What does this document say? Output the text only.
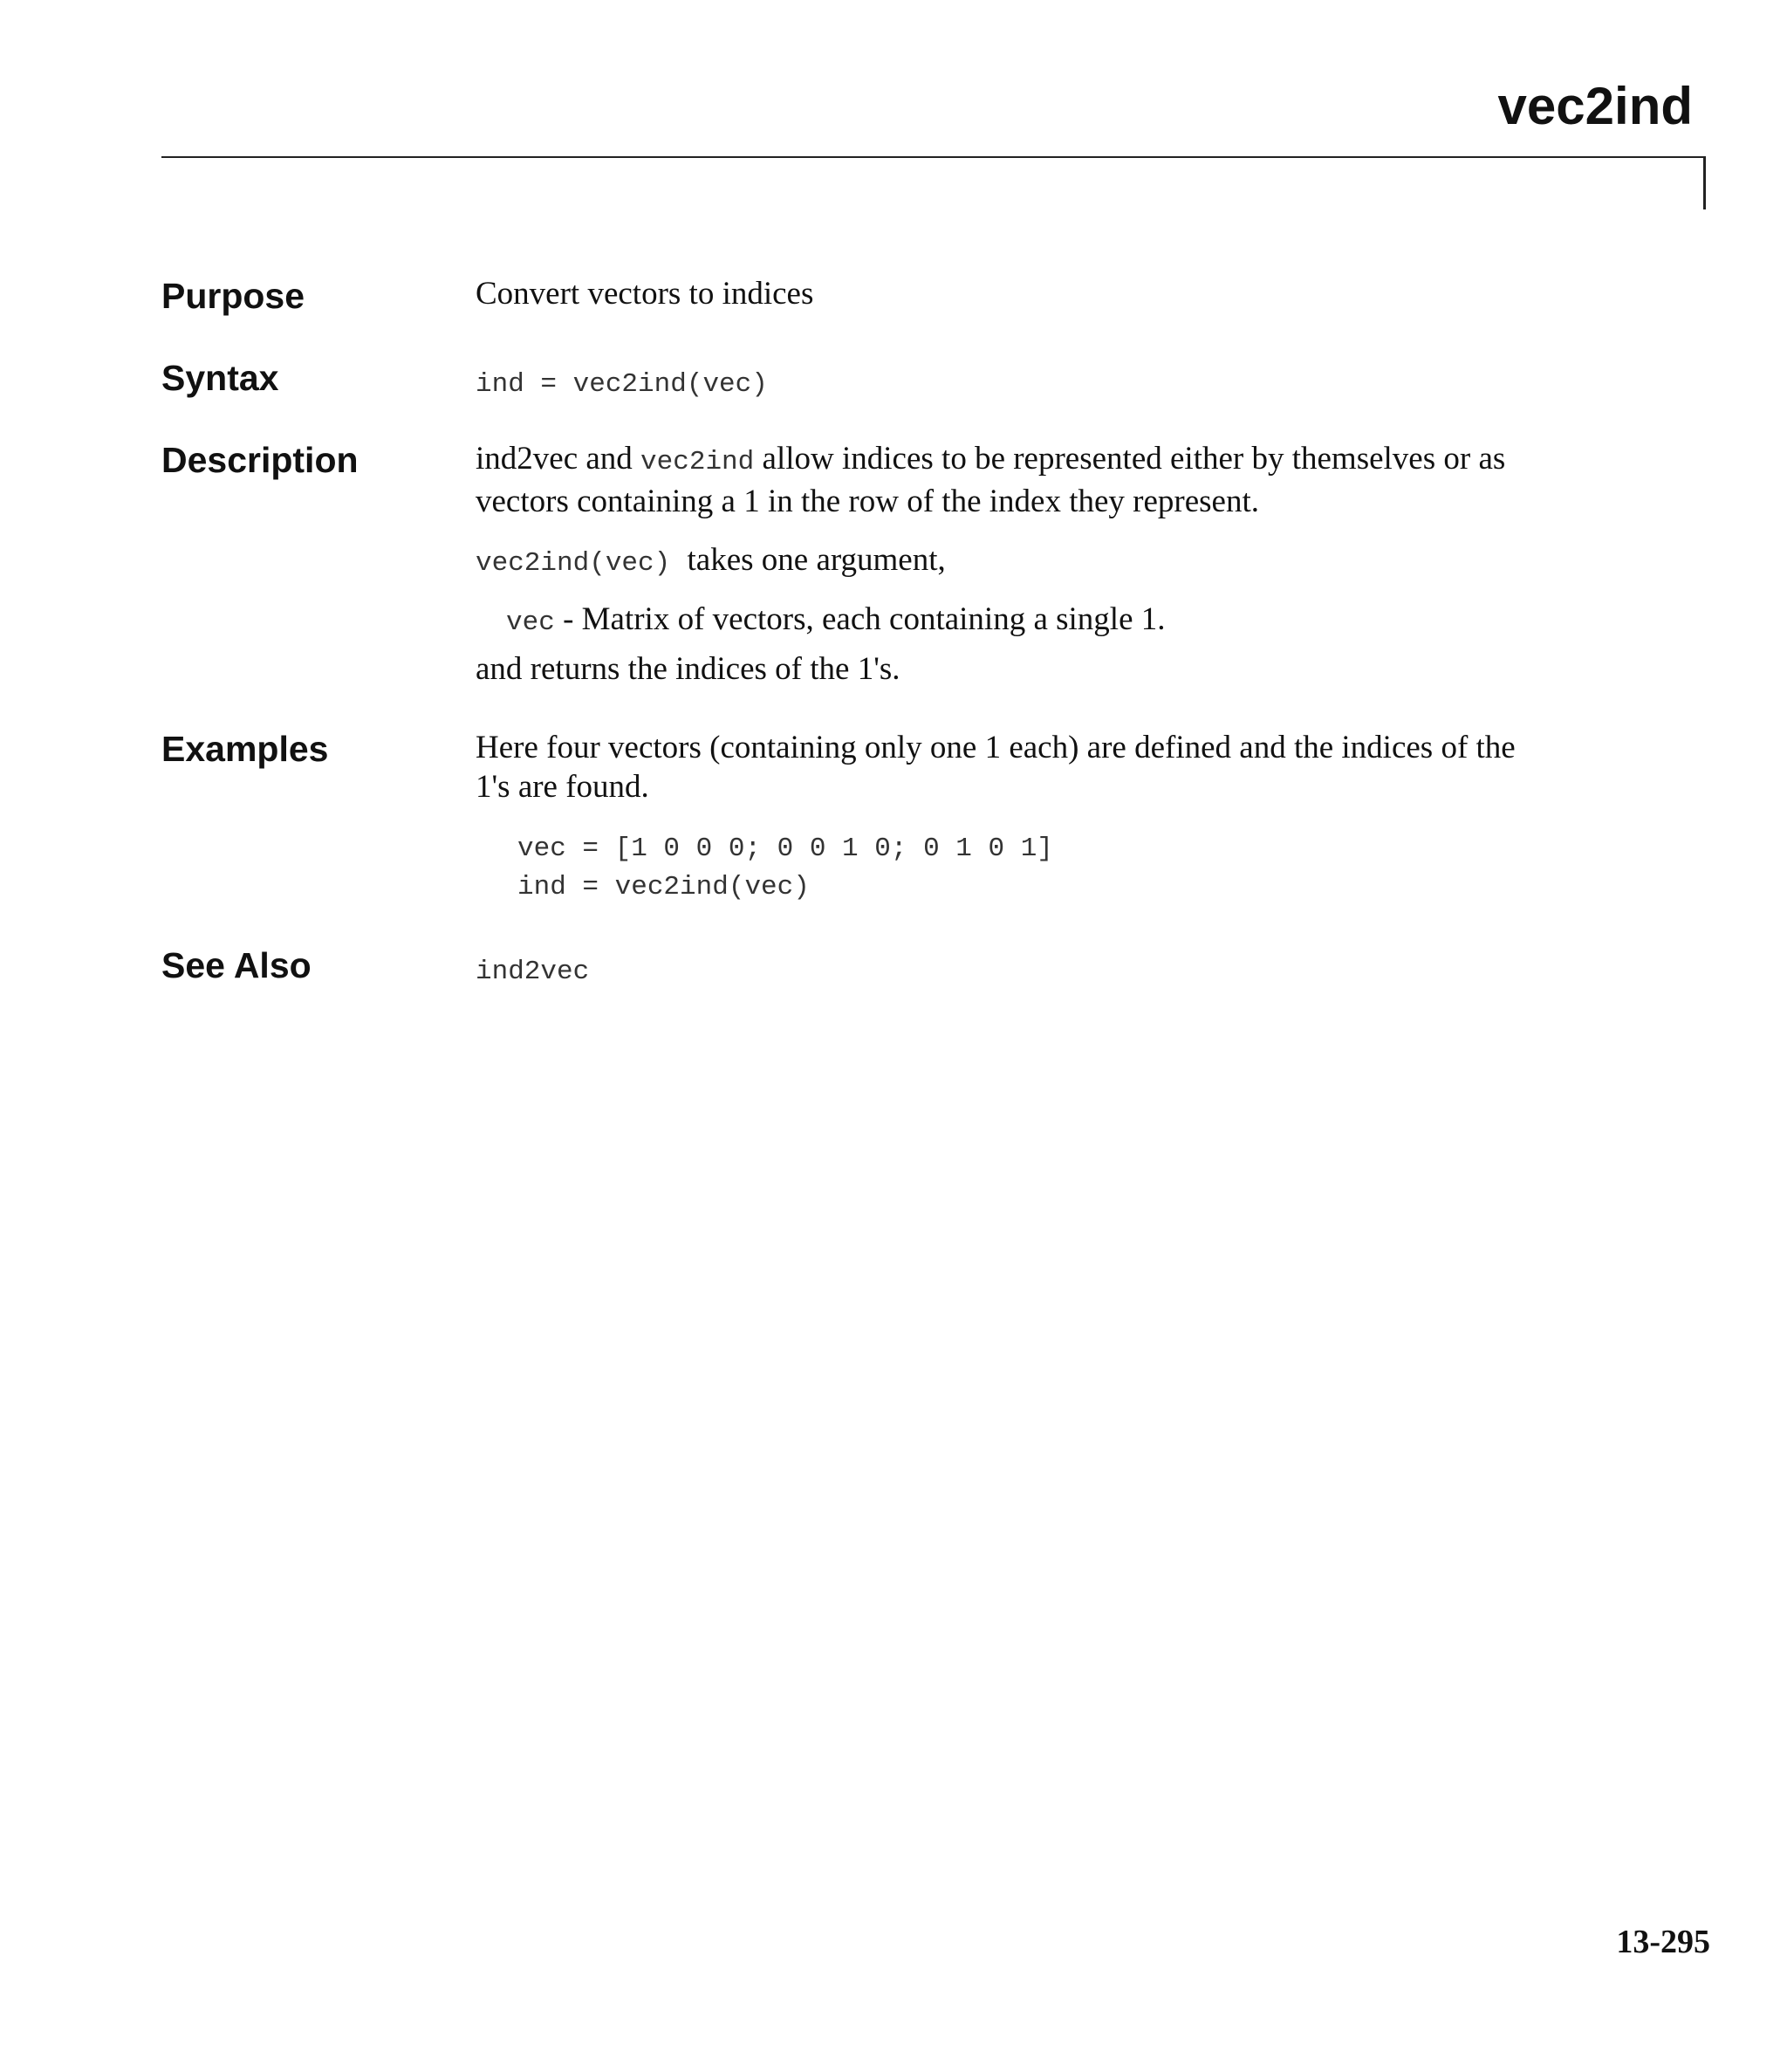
vec2ind
Purpose	Convert vectors to indices
Syntax	ind = vec2ind(vec)
Description	ind2vec and vec2ind allow indices to be represented either by themselves or as
vectors containing a 1 in the row of the index they represent.
vec2ind(vec) takes one argument,
vec - Matrix of vectors, each containing a single 1.
and returns the indices of the 1's.
Examples	Here four vectors (containing only one 1 each) are defined and the indices of the
1's are found.
vec = [1 0 0 0; 0 0 1 0; 0 1 0 1]
ind = vec2ind(vec)
See Also	ind2vec
13-295
